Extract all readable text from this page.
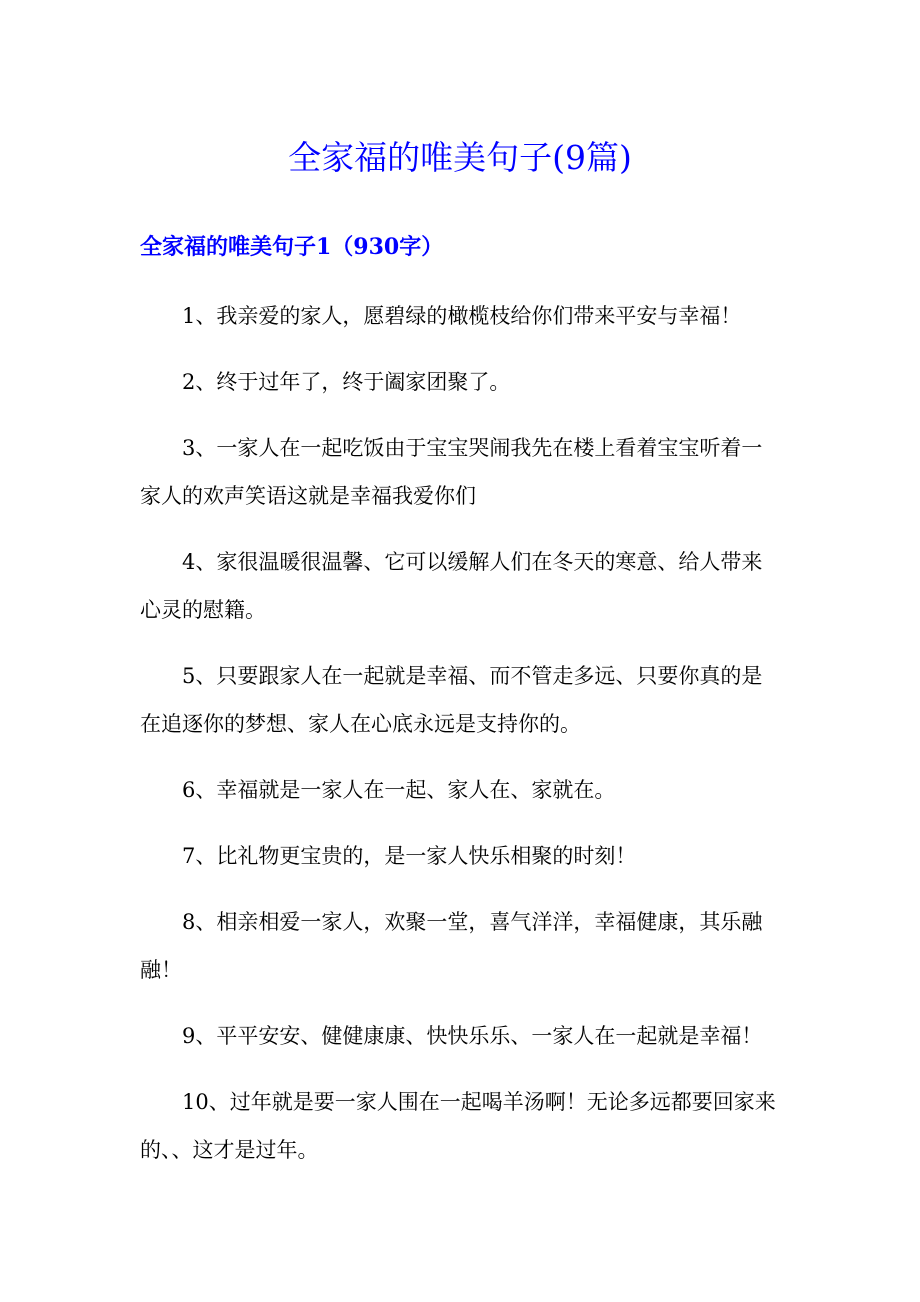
全家福的唯美句子(9篇)
全家福的唯美句子1（930字）

1、我亲爱的家人，愿碧绿的橄榄枝给你们带来平安与幸福！

2、终于过年了，终于阖家团聚了。

3、一家人在一起吃饭由于宝宝哭闹我先在楼上看着宝宝听着一家人的欢声笑语这就是幸福我爱你们

4、家很温暖很温馨、它可以缓解人们在冬天的寒意、给人带来心灵的慰籍。

5、只要跟家人在一起就是幸福、而不管走多远、只要你真的是在追逐你的梦想、家人在心底永远是支持你的。

6、幸福就是一家人在一起、家人在、家就在。

7、比礼物更宝贵的，是一家人快乐相聚的时刻！

8、相亲相爱一家人，欢聚一堂，喜气洋洋，幸福健康，其乐融融！

9、平平安安、健健康康、快快乐乐、一家人在一起就是幸福！

10、过年就是要一家人围在一起喝羊汤啊！无论多远都要回家来的、、这才是过年。
